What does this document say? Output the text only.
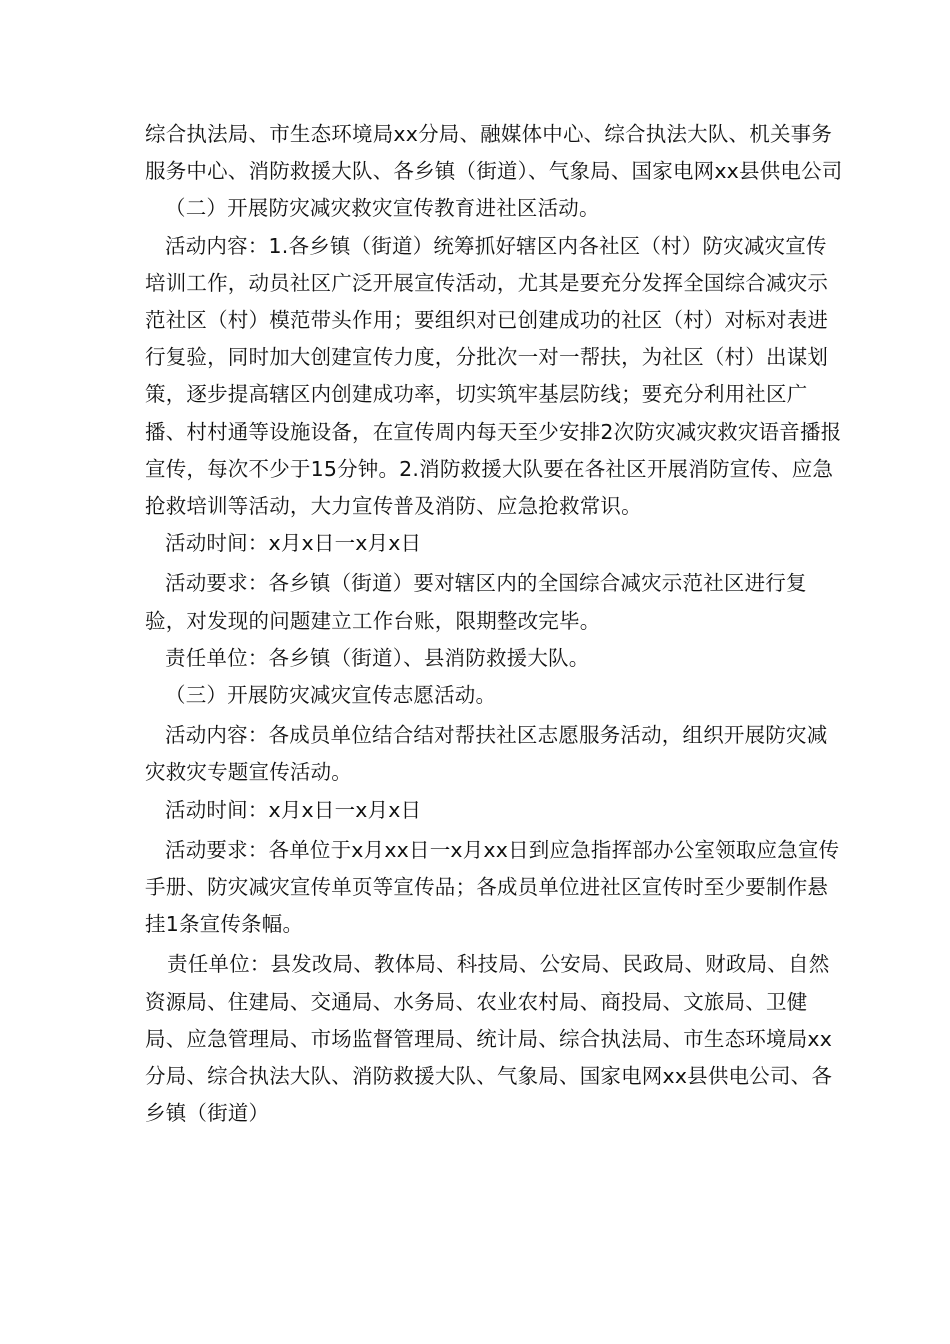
综合执法局、市生态环境局xx分局、融媒体中心、综合执法大队、机关事务服务中心、消防救援大队、各乡镇（街道）、气象局、国家电网xx县供电公司

（二）开展防灾减灾救灾宣传教育进社区活动。

活动内容：1.各乡镇（街道）统筹抓好辖区内各社区（村）防灾减灾宣传培训工作，动员社区广泛开展宣传活动，尤其是要充分发挥全国综合减灾示范社区（村）模范带头作用；要组织对已创建成功的社区（村）对标对表进行复验，同时加大创建宣传力度，分批次一对一帮扶，为社区（村）出谋划策，逐步提高辖区内创建成功率，切实筑牢基层防线；要充分利用社区广播、村村通等设施设备，在宣传周内每天至少安排2次防灾减灾救灾语音播报宣传，每次不少于15分钟。2.消防救援大队要在各社区开展消防宣传、应急抢救培训等活动，大力宣传普及消防、应急抢救常识。

活动时间：x月x日一x月x日

活动要求：各乡镇（街道）要对辖区内的全国综合减灾示范社区进行复验，对发现的问题建立工作台账，限期整改完毕。

责任单位：各乡镇（街道）、县消防救援大队。

（三）开展防灾减灾宣传志愿活动。

活动内容：各成员单位结合结对帮扶社区志愿服务活动，组织开展防灾减灾救灾专题宣传活动。

活动时间：x月x日一x月x日

活动要求：各单位于x月xx日一x月xx日到应急指挥部办公室领取应急宣传手册、防灾减灾宣传单页等宣传品；各成员单位进社区宣传时至少要制作悬挂1条宣传条幅。

责任单位：县发改局、教体局、科技局、公安局、民政局、财政局、自然资源局、住建局、交通局、水务局、农业农村局、商投局、文旅局、卫健局、应急管理局、市场监督管理局、统计局、综合执法局、市生态环境局xx分局、综合执法大队、消防救援大队、气象局、国家电网xx县供电公司、各乡镇（街道）
